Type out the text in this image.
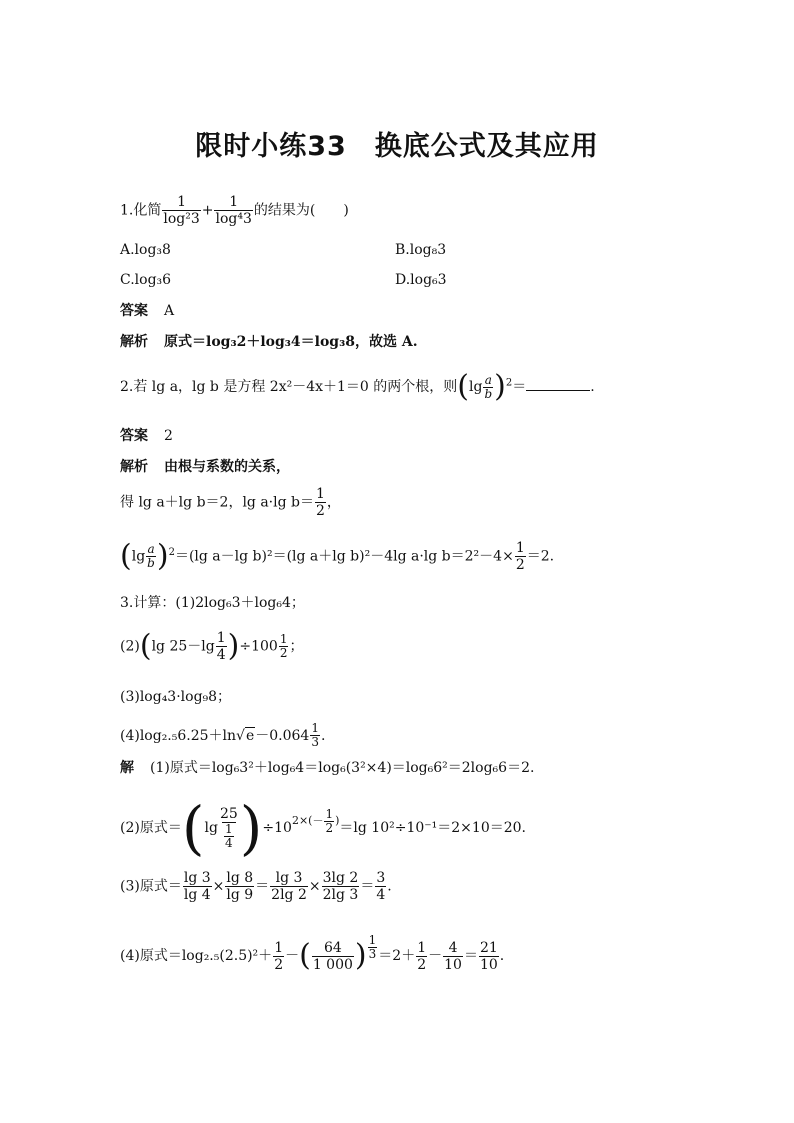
限时小练33　换底公式及其应用
1.化简 $\frac{1}{\text{log²3}} + \frac{1}{\text{log⁴3}}$ 的结果为(　　)
A.log₃8	B.log₈3
C.log₃6	D.log₆3
答案 A
解析 原式＝log₃2＋log₃4＝log₃8，故选 A.
2.若 lg a，lg b 是方程 2x²－4x＋1＝0 的两个根，则$(\lg \frac{a}{b} )^2=$	.
答案 2
解析 由根与系数的关系，
得 lg a＋lg b＝2，lg a·lg $b= \frac{1}{2}$ ，
$(\lg \frac{a}{b} )^2=(\lg$ a－lg b)²＝(lg a＋lg b)²－4lg a·lg $b=2^2-4\times \frac{1}{2} =2$.
3.计算：(1)2log₆3＋log₆4；
(2)(lg $25-\lg \frac{1}{4} )\div 100 \frac{1}{2}$ ；
(3)log₄3·log₉8；
$(4)\log_2._56.25+\ln√e-0.064 \frac{1}{3}$ .
解 (1)原式＝log₆3²＋log₆4＝log₆(3²×4)＝log₆6²＝2log₆6＝2.
(2)原式$=(\lg \frac{25}{\frac{1}{4}} )\div 10^{2\times(- \frac{1}{2} )}=\lg$ 10²÷10⁻¹＝2×10＝20.
(3)原式＝ $\frac{\lg 3}{\lg 4} \times \frac{\lg 8}{\lg 9} = \frac{\lg 3}{2\lg 2} \times \frac{3\lg 2}{2\lg 3} = \frac{3}{4}$ .
(4)原式$=\log_2._5(2.5)^2+ \frac{1}{2}$ －( $\frac{64}{1 000}$ ) $\frac{1}{3} =2+ \frac{1}{2} - \frac{4}{10} = \frac{21}{10}$ .
